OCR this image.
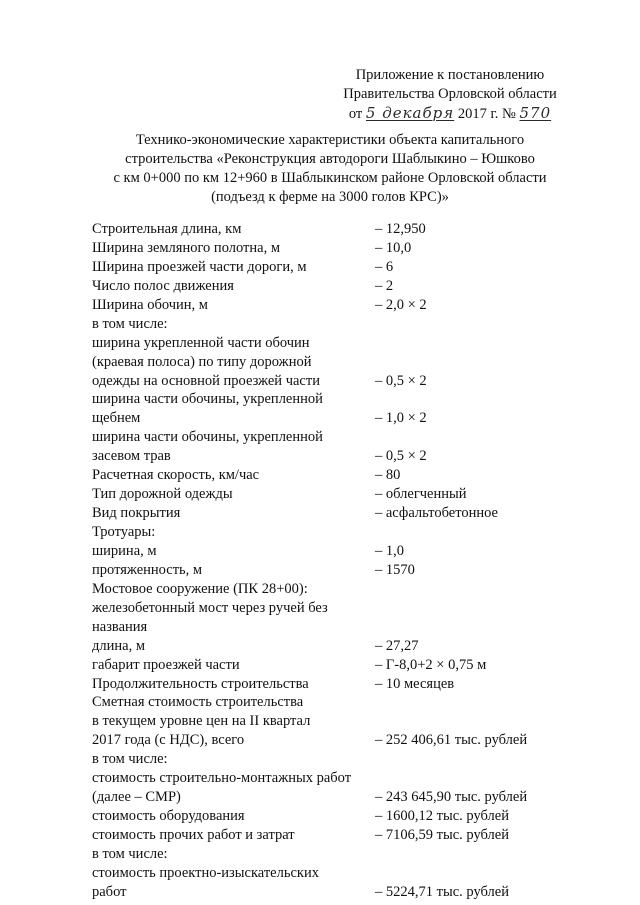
Приложение к постановлению
Правительства Орловской области
от 5 декабря 2017 г. № 570
Технико-экономические характеристики объекта капитального
строительства «Реконструкция автодороги Шаблыкино – Юшково
с км 0+000 по км 12+960 в Шаблыкинском районе Орловской области
(подъезд к ферме на 3000 голов КРС)»
Строительная длина, км	– 12,950
Ширина земляного полотна, м	– 10,0
Ширина проезжей части дороги, м	– 6
Число полос движения	– 2
Ширина обочин, м	– 2,0 × 2
в том числе:
ширина укрепленной части обочин
(краевая полоса) по типу дорожной
одежды на основной проезжей части	– 0,5 × 2
ширина части обочины, укрепленной
щебнем	– 1,0 × 2
ширина части обочины, укрепленной
засевом трав	– 0,5 × 2
Расчетная скорость, км/час	– 80
Тип дорожной одежды	– облегченный
Вид покрытия	– асфальтобетонное
Тротуары:
ширина, м	– 1,0
протяженность, м	– 1570
Мостовое сооружение (ПК 28+00):
железобетонный мост через ручей без
названия
длина, м	– 27,27
габарит проезжей части	– Г-8,0+2 × 0,75 м
Продолжительность строительства	– 10 месяцев
Сметная стоимость строительства
в текущем уровне цен на II квартал
2017 года (с НДС), всего	– 252 406,61 тыс. рублей
в том числе:
стоимость строительно-монтажных работ
(далее – СМР)	– 243 645,90 тыс. рублей
стоимость оборудования	– 1600,12 тыс. рублей
стоимость прочих работ и затрат	– 7106,59 тыс. рублей
в том числе:
стоимость проектно-изыскательских
работ	– 5224,71 тыс. рублей
